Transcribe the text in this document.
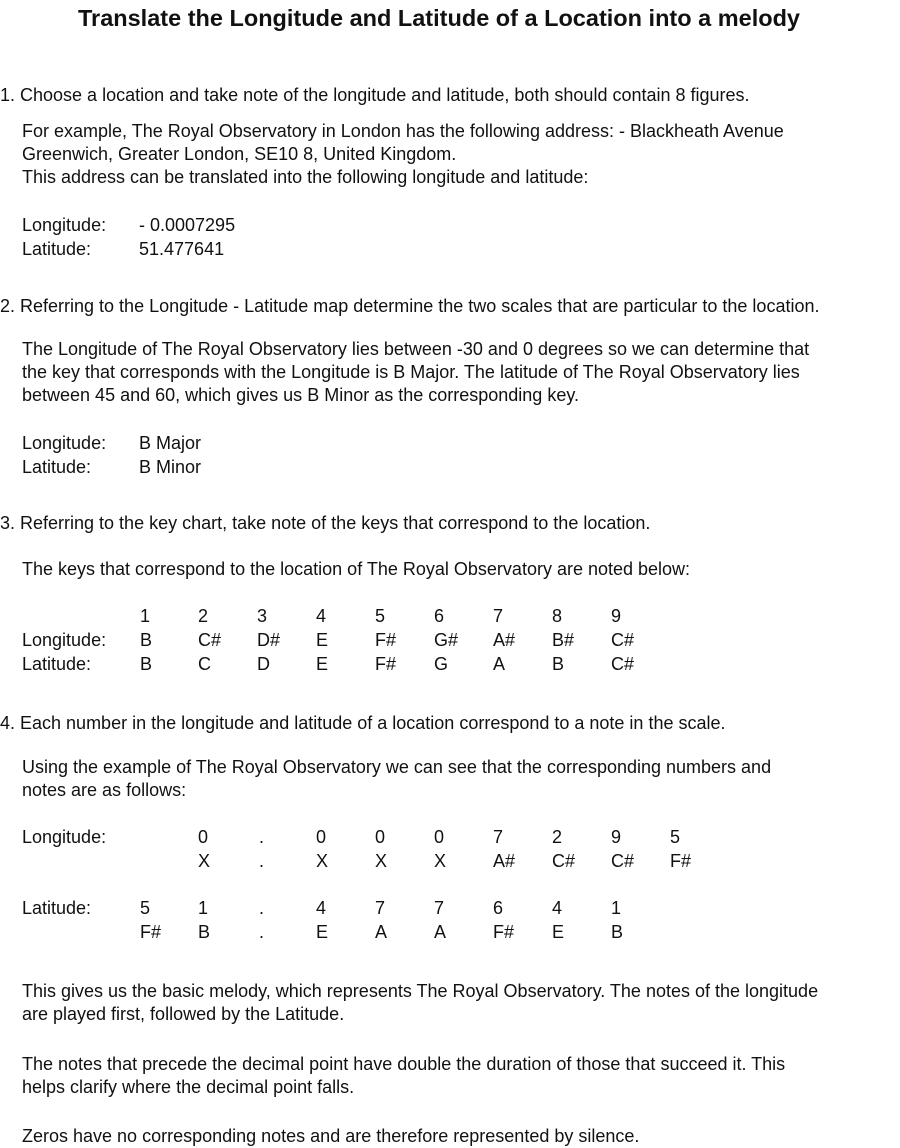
Translate the Longitude and Latitude of a Location into a melody
1. Choose a location and take note of the longitude and latitude, both should contain 8 figures.
For example, The Royal Observatory in London has the following address: - Blackheath Avenue
Greenwich, Greater London, SE10 8, United Kingdom.
This address can be translated into the following longitude and latitude:
Longitude: - 0.0007295
Latitude:	51.477641
2. Referring to the Longitude - Latitude map determine the two scales that are particular to the location.
The Longitude of The Royal Observatory lies between -30 and 0 degrees so we can determine that
the key that corresponds with the Longitude is B Major. The latitude of The Royal Observatory lies
between 45 and 60, which gives us B Minor as the corresponding key.
Longitude: B Major
Latitude:	B Minor
3. Referring to the key chart, take note of the keys that correspond to the location.
The keys that correspond to the location of The Royal Observatory are noted below:
1	2	3	4	5	6	7	8	9
Longitude: B	C# D# E	F# G# A# B# C#
Latitude:	B	C	D	E	F# G A	B	C#
4. Each number in the longitude and latitude of a location correspond to a note in the scale.
Using the example of The Royal Observatory we can see that the corresponding numbers and
notes are as follows:
Longitude:	0	.	0	0	0	7	2	9	5
X	.	X	X	X	A# C# C# F#
Latitude:	5	1	.	4	7	7	6	4	1
F# B	.	E	A	A	F# E	B
This gives us the basic melody, which represents The Royal Observatory. The notes of the longitude
are played first, followed by the Latitude.
The notes that precede the decimal point have double the duration of those that succeed it. This
helps clarify where the decimal point falls.
Zeros have no corresponding notes and are therefore represented by silence.
